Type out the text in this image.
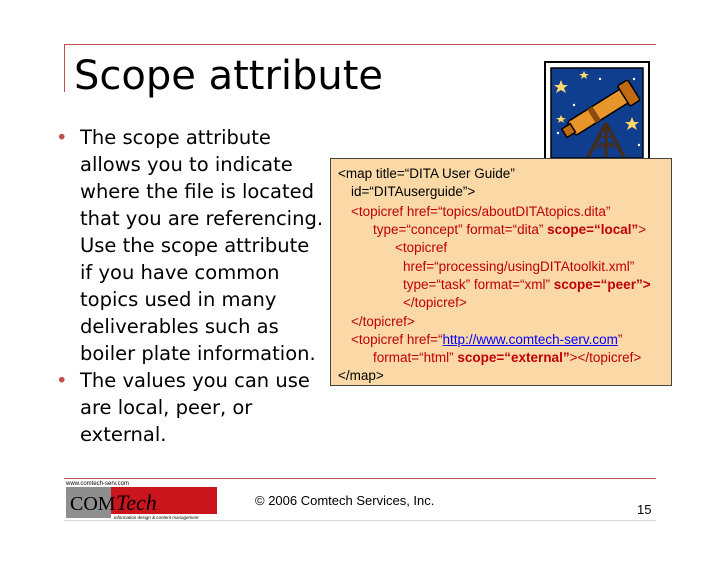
Scope attribute
• The scope attribute
allows you to indicate
where the file is located
that you are referencing.
Use the scope attribute
if you have common
topics used in many
deliverables such as
boiler plate information.
• The values you can use
are local, peer, or
external.
<map title=“DITA User Guide”
id=“DITAuserguide”>
<topicref href=“topics/aboutDITAtopics.dita”
type=“concept” format=“dita” scope=“local”>
<topicref
href=“processing/usingDITAtoolkit.xml”
type=“task” format=“xml” scope=“peer”>
</topicref>
</topicref>
<topicref href=“http://www.comtech-serv.com”
format=“html” scope=“external”></topicref>
</map>
www.comtech-serv.com
COM Tech
information design & content management
© 2006 Comtech Services, Inc.
15
